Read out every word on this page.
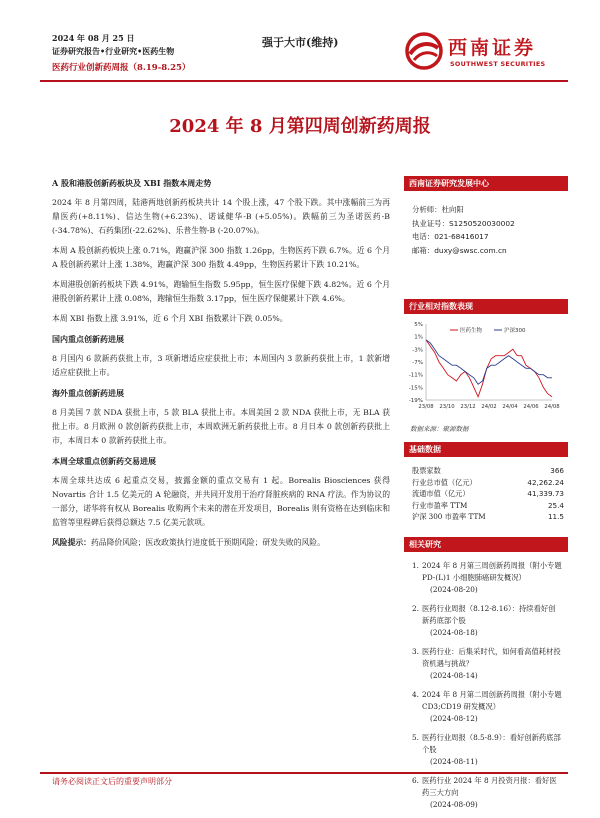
2024 年 08 月 25 日
证券研究报告•行业研究•医药生物
医药行业创新药周报（8.19-8.25）
强于大市(维持)	西南证券
SOUTHWEST SECURITIES
2024 年 8 月第四周创新药周报
A 股和港股创新药板块及 XBI 指数本周走势

2024 年 8 月第四周，陆港两地创新药板块共计 14 个股上涨，47 个股下跌。其中涨幅前三为再鼎医药(+8.11%)、信达生物(+6.23%)、诺诚健华-B (+5.05%)。跌幅前三为圣诺医药-B (-34.78%)、石药集团(-22.62%)、乐普生物-B (-20.07%)。

本周 A 股创新药板块上涨 0.71%，跑赢沪深 300 指数 1.26pp，生物医药下跌 6.7%。近 6 个月 A 股创新药累计上涨 1.38%，跑赢沪深 300 指数 4.49pp，生物医药累计下跌 10.21%。

本周港股创新药板块下跌 4.91%，跑输恒生指数 5.95pp，恒生医疗保健下跌 4.82%。近 6 个月港股创新药累计上涨 0.08%，跑输恒生指数 3.17pp，恒生医疗保健累计下跌 4.6%。

本周 XBI 指数上涨 3.91%，近 6 个月 XBI 指数累计下跌 0.05%。

国内重点创新药进展

8 月国内 6 款新药获批上市，3 项新增适应症获批上市；本周国内 3 款新药获批上市，1 款新增适应症获批上市。

海外重点创新药进展

8 月美国 7 款 NDA 获批上市，5 款 BLA 获批上市。本周美国 2 款 NDA 获批上市，无 BLA 获批上市。8 月欧洲 0 款创新药获批上市，本周欧洲无新药获批上市。8 月日本 0 款创新药获批上市，本周日本 0 款新药获批上市。

本周全球重点创新药交易进展

本周全球共达成 6 起重点交易，披露金额的重点交易有 1 起。Borealis Biosciences 获得 Novartis 合计 1.5 亿美元的 A 轮融资，并共同开发用于治疗肾脏疾病的 RNA 疗法。作为协议的一部分，诺华将有权从 Borealis 收购两个未来的潜在开发项目，Borealis 则有资格在达到临床和监管等里程碑后获得总额达 7.5 亿美元款项。

风险提示：药品降价风险；医改政策执行进度低于预期风险；研发失败的风险。

西南证券研究发展中心
分析师：杜向阳
执业证号：S1250520030002
电话：021-68416017
邮箱：duxy@swsc.com.cn
行业相对指数表现
5%
1%
-3%
-7%
-11%
-15%
-19%
23/08 23/10 23/12 24/02 24/04 24/06 24/08
医药生物	沪深300
数据来源：聚源数据
基础数据
股票家数	366
行业总市值（亿元）	42,262.24
流通市值（亿元）	41,339.73
行业市盈率 TTM	25.4
沪深 300 市盈率 TTM	11.5
相关研究
1. 2024 年 8 月第三周创新药周报（附小专题 PD-(L)1 小细胞肺癌研发概况）
(2024-08-20)
2. 医药行业周报（8.12-8.16）：持续看好创新药底部个股
(2024-08-18)
3. 医药行业：后集采时代，如何看高值耗材投资机遇与挑战？
(2024-08-14)
4. 2024 年 8 月第二周创新药周报（附小专题 CD3;CD19 研发概况）
(2024-08-12)
5. 医药行业周报（8.5-8.9）：看好创新药底部个股
(2024-08-11)
6. 医药行业 2024 年 8 月投资月报：看好医药三大方向
(2024-08-09)
请务必阅读正文后的重要声明部分
